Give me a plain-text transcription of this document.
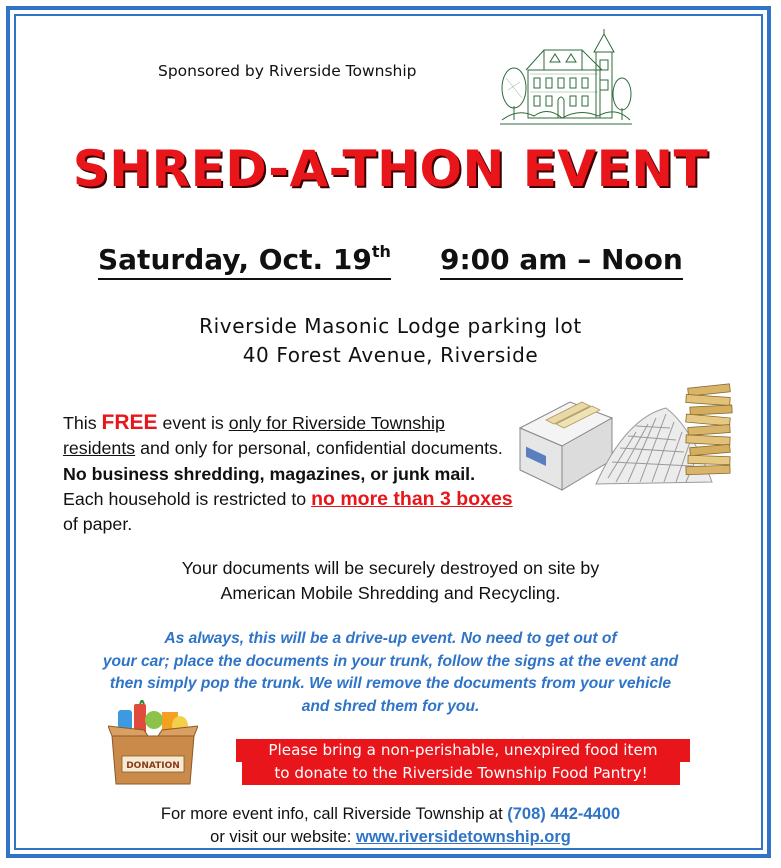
Sponsored by Riverside Township
SHRED-A-THON EVENT
Saturday, Oct. 19th 9:00 am – Noon
Riverside Masonic Lodge parking lot
40 Forest Avenue, Riverside
This FREE event is only for Riverside Township residents and only for personal, confidential documents. No business shredding, magazines, or junk mail. Each household is restricted to no more than 3 boxes of paper.
Your documents will be securely destroyed on site by
American Mobile Shredding and Recycling.
As always, this will be a drive-up event. No need to get out of
your car; place the documents in your trunk, follow the signs at the event and
then simply pop the trunk. We will remove the documents from your vehicle
and shred them for you.
DONATION
Please bring a non-perishable, unexpired food item
to donate to the Riverside Township Food Pantry!
For more event info, call Riverside Township at (708) 442-4400
or visit our website: www.riversidetownship.org
